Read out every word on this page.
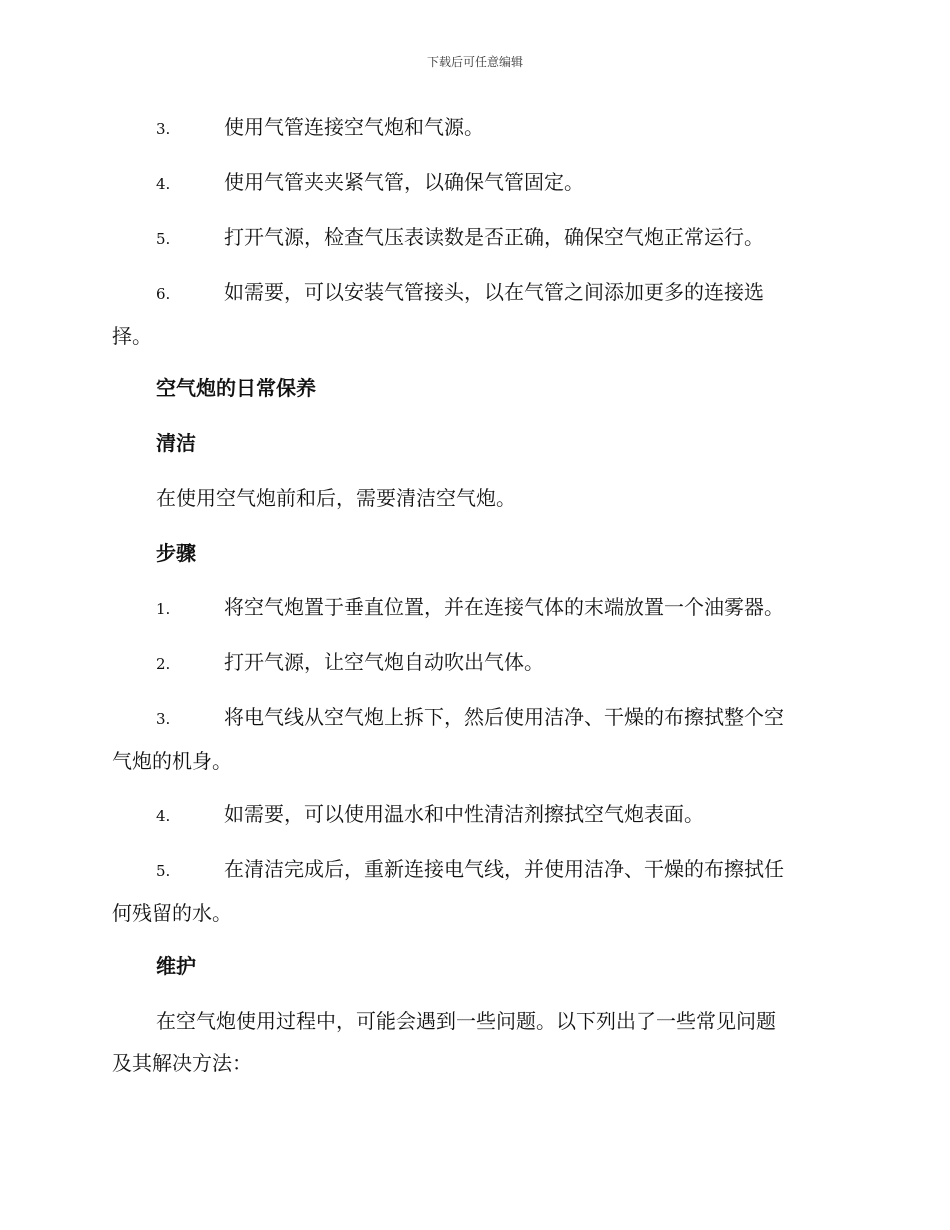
下载后可任意编辑

3.	使用气管连接空气炮和气源。

4.	使用气管夹夹紧气管，以确保气管固定。

5.	打开气源，检查气压表读数是否正确，确保空气炮正常运行。

6.	如需要，可以安装气管接头，以在气管之间添加更多的连接选
择。

空气炮的日常保养
清洁

在使用空气炮前和后，需要清洁空气炮。

步骤

1.	将空气炮置于垂直位置，并在连接气体的末端放置一个油雾器。

2.	打开气源，让空气炮自动吹出气体。

3.	将电气线从空气炮上拆下，然后使用洁净、干燥的布擦拭整个空
气炮的机身。

4.	如需要，可以使用温水和中性清洁剂擦拭空气炮表面。

5.	在清洁完成后，重新连接电气线，并使用洁净、干燥的布擦拭任
何残留的水。

维护

在空气炮使用过程中，可能会遇到一些问题。以下列出了一些常见问题
及其解决方法：
